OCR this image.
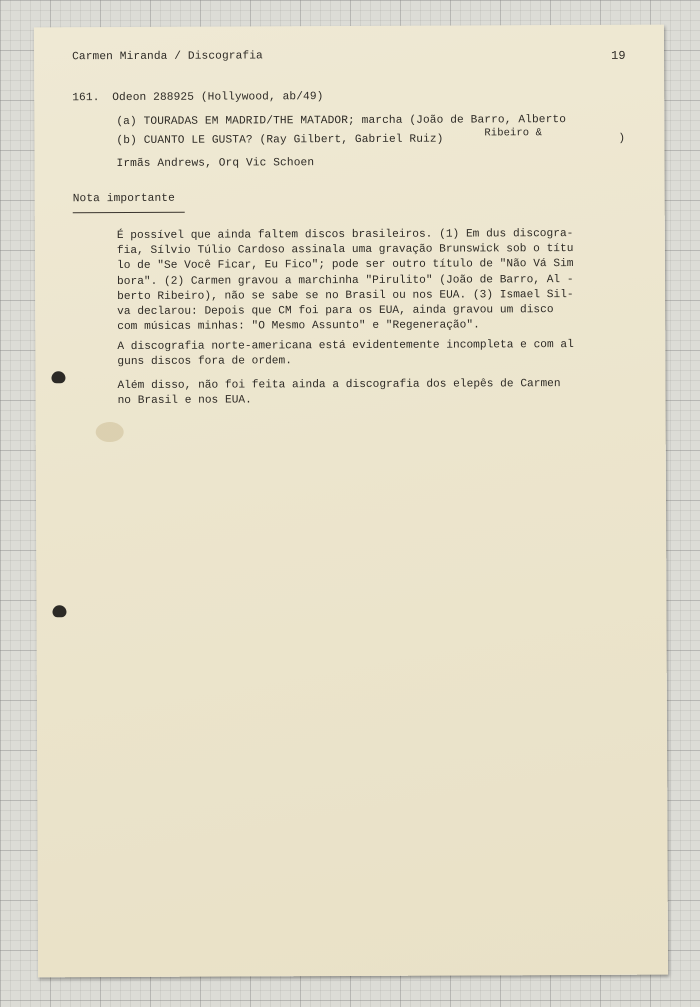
Carmen Miranda / Discografia	19
161. Odeon 288925 (Hollywood, ab/49)
(a) TOURADAS EM MADRID/THE MATADOR; marcha (João de Barro, Alberto
Ribeiro &
(b) CUANTO LE GUSTA? (Ray Gilbert, Gabriel Ruiz)	)
Irmãs Andrews, Orq Vic Schoen
Nota importante
É possível que ainda faltem discos brasileiros. (1) Em dus discogra-
fia, Sílvio Túlio Cardoso assinala uma gravação Brunswick sob o títu
lo de "Se Você Ficar, Eu Fico"; pode ser outro título de "Não Vá Sim
bora". (2) Carmen gravou a marchinha "Pirulito" (João de Barro, Al -
berto Ribeiro), não se sabe se no Brasil ou nos EUA. (3) Ismael Sil-
va declarou: Depois que CM foi para os EUA, ainda gravou um disco
com músicas minhas: "O Mesmo Assunto" e "Regeneração".
A discografia norte-americana está evidentemente incompleta e com al
guns discos fora de ordem.
Além disso, não foi feita ainda a discografia dos elepês de Carmen
no Brasil e nos EUA.
